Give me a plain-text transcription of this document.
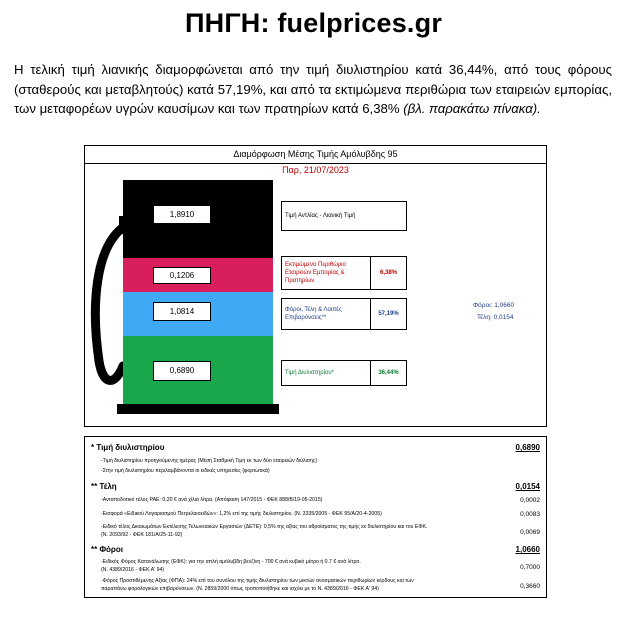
ΠΗΓΗ: fuelprices.gr
Η τελική τιμή λιανικής διαμορφώνεται από την τιμή διυλιστηρίου κατά 36,44%, από τους φόρους (σταθερούς και μεταβλητούς) κατά 57,19%, και από τα εκτιμώμενα περιθώρια των εταιρειών εμπορίας, των μεταφορέων υγρών καυσίμων και των πρατηρίων κατά 6,38% (βλ. παρακάτω πίνακα).
Διαμόρφωση Μέσης Τιμής Αμόλυβδης 95
Παρ, 21/07/2023
1,8910
0,1206
1,0814
0,6890
Τιμή Αντλίας - Λιανική Τιμή
Εκτιμώμενο Περιθώριο Εταιρειών Εμπορίας & Πρατηρίων
6,38%
Φόροι, Τέλη & Λοιπές Επιβαρύνσεις**
57,19%
Τιμή Διυλιστηρίου*	36,44%
Φόροι: 1,0660
Τέλη: 0,0154
* Τιμή διυλιστηρίου	0,6890
-Τιμή διυλιστηρίου προηγούμενης ημέρας (Μέση Σταθμική Τιμή εκ των δύο εταιρειών διύλισης)
-Στην τιμή διυλιστηρίου περιλαμβάνονται οι ειδικές υπηρεσίες (φορτωτικά)
** Τέλη	0,0154
-Ανταποδοτικό τέλος ΡΑΕ: 0,20 € ανά χίλια λίτρα. (Απόφαση 147/2015 - ΦΕΚ 888/Β/19-05-2015)	0,0002
-Εισφορά «Ειδικού Λογαριασμού Πετρελαιοειδών»: 1,2% επί της τιμής διυλιστηρίου. (Ν. 3335/2005 - ΦΕΚ 95/Α/20-4-2005)	0,0083
-Ειδικό τέλος Δικαιωμάτων Εκτέλεσης Τελωνειακών Εργασιών (ΔΕΤΕ): 0,5% της αξίας του αθροίσματος της τιμής εκ διυλιστηρίου και του ΕΦΚ.
(Ν. 2093/92 - ΦΕΚ 181/Α/25-11-92)	0,0069
** Φόροι	1,0660
-Ειδικός Φόρος Κατανάλωσης (ΕΦΚ): για την απλή αμόλυβδη βενζίνη - 700 € ανά κυβικό μέτρο ή 0.7 € ανά λίτρο.
(Ν. 4389/2016 - ΦΕΚ Α' 94)	0,7000
-Φόρος Προστιθέμενης Αξίας (ΦΠΑ): 24% επί του συνόλου της τιμής διυλιστηρίου των μικτών ανοσματικών περιθωρίων κέρδους και των
παραπάνω φορολογικών επιβαρύνσεων. (Ν. 2859/2000 όπως τροποποιήθηκε και ισχύει με το Ν. 4389/2016 - ΦΕΚ Α' 94)	0,3660
